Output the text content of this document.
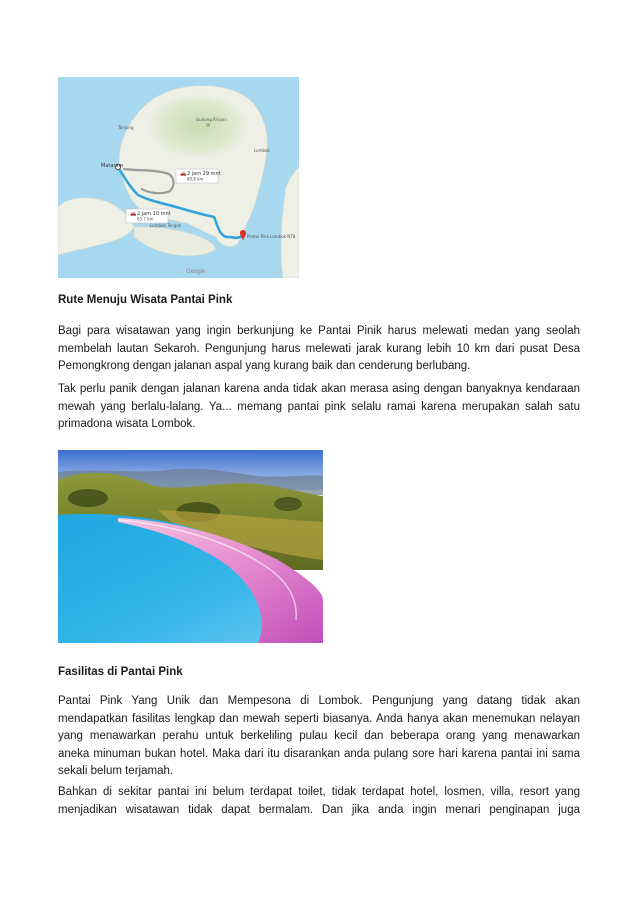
Mataram
Tanjung
Lombok
Gunung Rinjani
Lombok Tengah
Pantai Pink Lombok NTB
🚗 2 jam 29 mnt
80,8 km
🚗 2 jam 10 mnt
65,7 km
Google
Rute Menuju Wisata Pantai Pink
Bagi para wisatawan yang ingin berkunjung ke Pantai Pinik harus melewati medan yang seolah
membelah lautan Sekaroh. Pengunjung harus melewati jarak kurang lebih 10 km dari pusat Desa
Pemongkrong dengan jalanan aspal yang kurang baik dan cenderung berlubang.
Tak perlu panik dengan jalanan karena anda tidak akan merasa asing dengan banyaknya kendaraan
mewah yang berlalu-lalang. Ya... memang pantai pink selalu ramai karena merupakan salah satu
primadona wisata Lombok.
Fasilitas di Pantai Pink
Pantai Pink Yang Unik dan Mempesona di Lombok. Pengunjung yang datang tidak akan
mendapatkan fasilitas lengkap dan mewah seperti biasanya. Anda hanya akan menemukan nelayan
yang menawarkan perahu untuk berkeliling pulau kecil dan beberapa orang yang menawarkan
aneka minuman bukan hotel. Maka dari itu disarankan anda pulang sore hari karena pantai ini sama
sekali belum terjamah.
Bahkan di sekitar pantai ini belum terdapat toilet, tidak terdapat hotel, losmen, villa, resort yang
menjadikan wisatawan tidak dapat bermalam. Dan jika anda ingin menari penginapan juga
